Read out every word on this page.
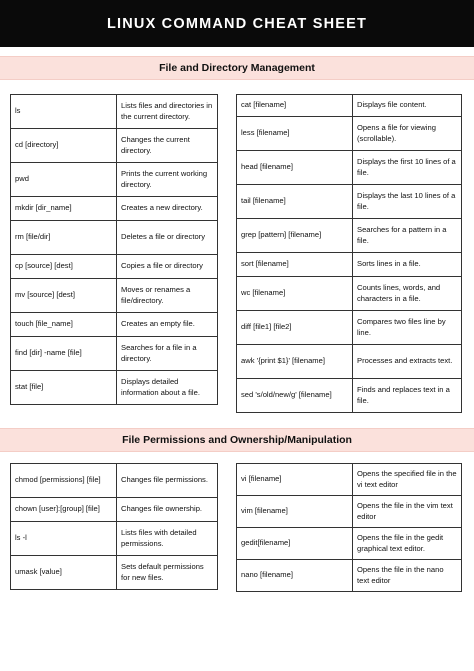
LINUX COMMAND CHEAT SHEET
File and Directory Management
ls	Lists files and directories in the current directory.
cd [directory]	Changes the current directory.
pwd	Prints the current working directory.
mkdir [dir_name]	Creates a new directory.
rm [file/dir]	Deletes a file or directory
cp [source] [dest]	Copies a file or directory
mv [source] [dest]	Moves or renames a file/directory.
touch [file_name]	Creates an empty file.
find [dir] -name [file]	Searches for a file in a directory.
stat [file]	Displays detailed information about a file.
cat [filename]	Displays file content.
less [filename]	Opens a file for viewing (scrollable).
head [filename]	Displays the first 10 lines of a file.
tail [filename]	Displays the last 10 lines of a file.
grep [pattern] [filename]	Searches for a pattern in a file.
sort [filename]	Sorts lines in a file.
wc [filename]	Counts lines, words, and characters in a file.
diff [file1] [file2]	Compares two files line by line.
awk '{print $1}' [filename]	Processes and extracts text.
sed 's/old/new/g' [filename]	Finds and replaces text in a file.
File Permissions and Ownership/Manipulation
chmod [permissions] [file]	Changes file permissions.
chown [user]:[group] [file]	Changes file ownership.
ls -l	Lists files with detailed permissions.
umask [value]	Sets default permissions for new files.
vi [filename]	Opens the specified file in the vi text editor
vim [filename]	Opens the file in the vim text editor
gedit[filename]	Opens the file in the gedit graphical text editor.
nano [filename]	Opens the file in the nano text editor
